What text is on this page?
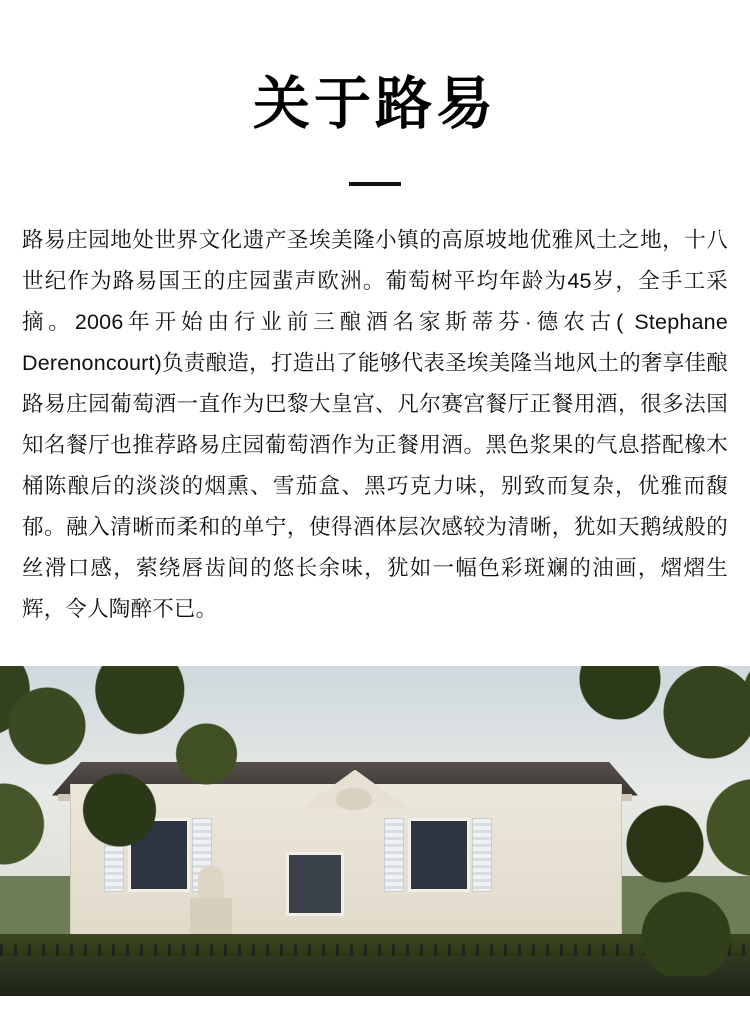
关于路易

路易庄园地处世界文化遗产圣埃美隆小镇的高原坡地优雅风土之地，十八世纪作为路易国王的庄园蜚声欧洲。葡萄树平均年龄为45岁，全手工采摘。2006年开始由行业前三酿酒名家斯蒂芬·德农古( Stephane Derenoncourt)负责酿造，打造出了能够代表圣埃美隆当地风土的奢享佳酿路易庄园葡萄酒一直作为巴黎大皇宫、凡尔赛宫餐厅正餐用酒，很多法国知名餐厅也推荐路易庄园葡萄酒作为正餐用酒。黑色浆果的气息搭配橡木桶陈酿后的淡淡的烟熏、雪茄盒、黑巧克力味，别致而复杂，优雅而馥郁。融入清晰而柔和的单宁，使得酒体层次感较为清晰，犹如天鹅绒般的丝滑口感，萦绕唇齿间的悠长余味，犹如一幅色彩斑斓的油画，熠熠生辉，令人陶醉不已。
